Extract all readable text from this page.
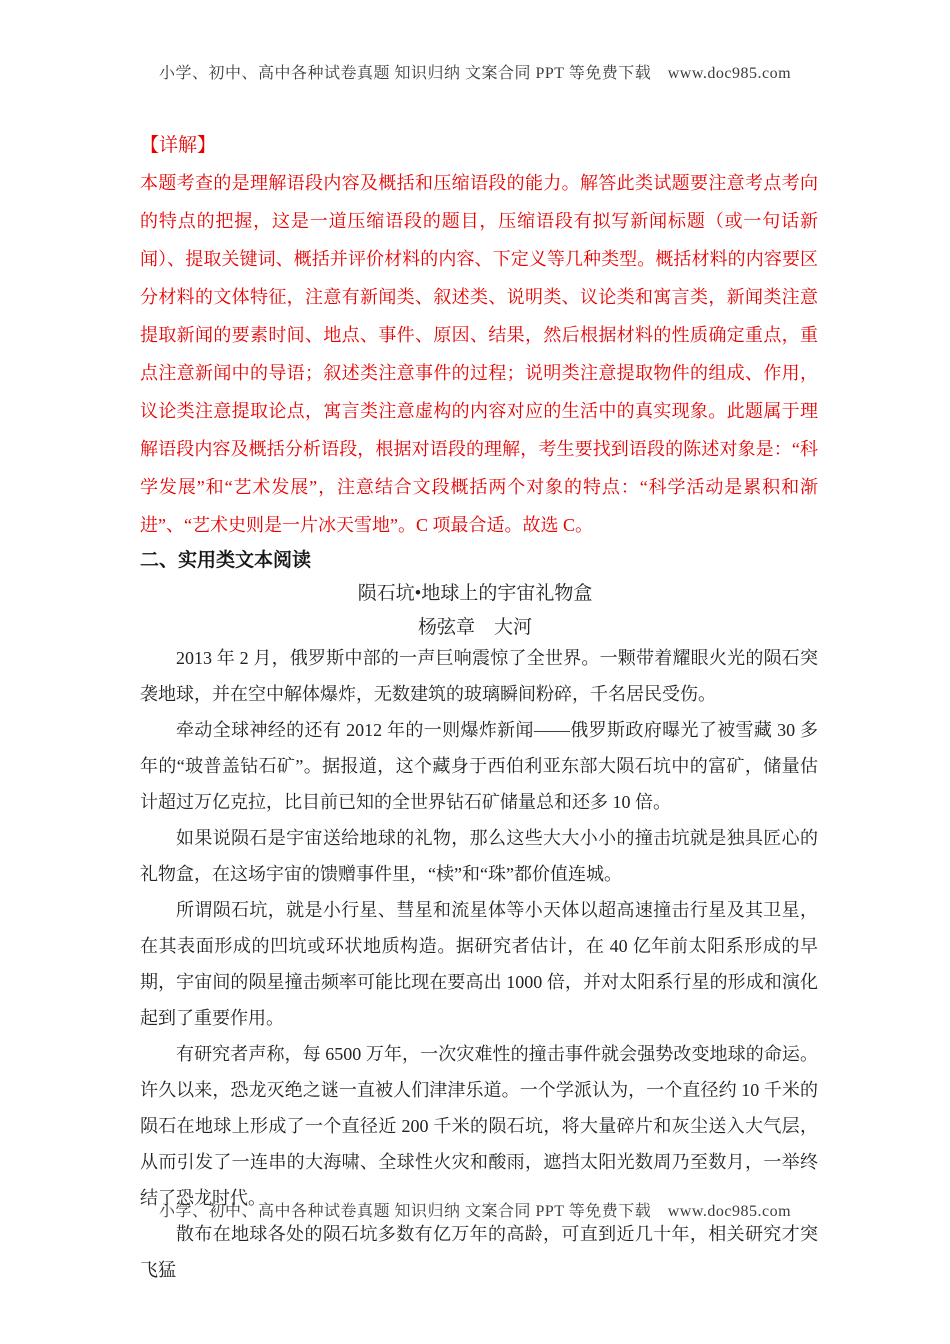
小学、初中、高中各种试卷真题 知识归纳 文案合同 PPT 等免费下载　www.doc985.com
【详解】
本题考查的是理解语段内容及概括和压缩语段的能力。解答此类试题要注意考点考向的特点的把握，这是一道压缩语段的题目，压缩语段有拟写新闻标题（或一句话新闻）、提取关键词、概括并评价材料的内容、下定义等几种类型。概括材料的内容要区分材料的文体特征，注意有新闻类、叙述类、说明类、议论类和寓言类，新闻类注意提取新闻的要素时间、地点、事件、原因、结果，然后根据材料的性质确定重点，重点注意新闻中的导语；叙述类注意事件的过程；说明类注意提取物件的组成、作用，议论类注意提取论点，寓言类注意虚构的内容对应的生活中的真实现象。此题属于理解语段内容及概括分析语段，根据对语段的理解，考生要找到语段的陈述对象是：“科学发展”和“艺术发展”，注意结合文段概括两个对象的特点：“科学活动是累积和渐进”、“艺术史则是一片冰天雪地”。C 项最合适。故选 C。
二、实用类文本阅读
陨石坑•地球上的宇宙礼物盒
杨弦章　大河

2013 年 2 月，俄罗斯中部的一声巨响震惊了全世界。一颗带着耀眼火光的陨石突袭地球，并在空中解体爆炸，无数建筑的玻璃瞬间粉碎，千名居民受伤。

牵动全球神经的还有 2012 年的一则爆炸新闻——俄罗斯政府曝光了被雪藏 30 多年的“玻普盖钻石矿”。据报道，这个藏身于西伯利亚东部大陨石坑中的富矿，储量估计超过万亿克拉，比目前已知的全世界钻石矿储量总和还多 10 倍。

如果说陨石是宇宙送给地球的礼物，那么这些大大小小的撞击坑就是独具匠心的礼物盒，在这场宇宙的馈赠事件里，“椟”和“珠”都价值连城。

所谓陨石坑，就是小行星、彗星和流星体等小天体以超高速撞击行星及其卫星，在其表面形成的凹坑或环状地质构造。据研究者估计，在 40 亿年前太阳系形成的早期，宇宙间的陨星撞击频率可能比现在要高出 1000 倍，并对太阳系行星的形成和演化起到了重要作用。

有研究者声称，每 6500 万年，一次灾难性的撞击事件就会强势改变地球的命运。许久以来，恐龙灭绝之谜一直被人们津津乐道。一个学派认为，一个直径约 10 千米的陨石在地球上形成了一个直径近 200 千米的陨石坑，将大量碎片和灰尘送入大气层，从而引发了一连串的大海啸、全球性火灾和酸雨，遮挡太阳光数周乃至数月，一举终结了恐龙时代。

散布在地球各处的陨石坑多数有亿万年的高龄，可直到近几十年，相关研究才突飞猛

小学、初中、高中各种试卷真题 知识归纳 文案合同 PPT 等免费下载　www.doc985.com
